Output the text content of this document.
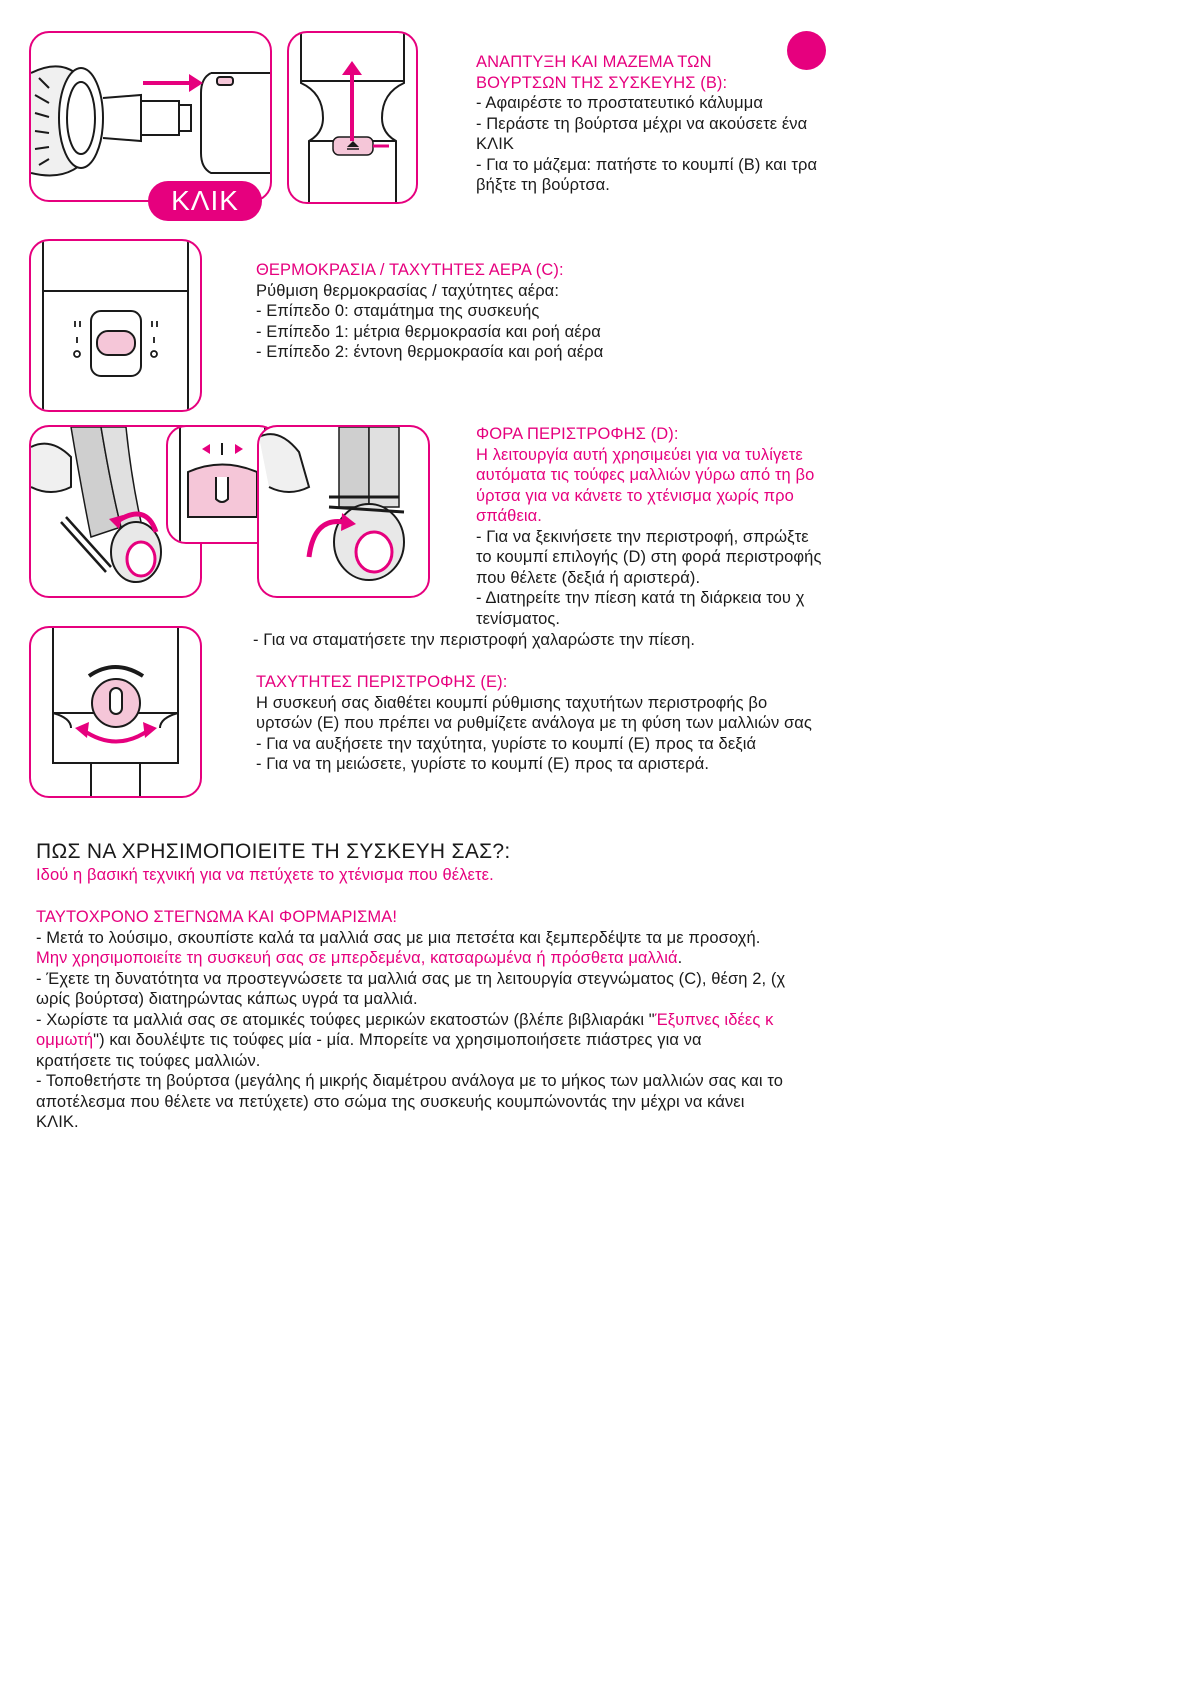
ΚΛΙΚ
ΑΝΑΠΤΥΞΗ ΚΑΙ ΜΑΖΕΜΑ ΤΩΝ
ΒΟΥΡΤΣΩΝ ΤΗΣ ΣΥΣΚΕΥΗΣ (B):
- Αφαιρέστε το προστατευτικό κάλυμμα
- Περάστε τη βούρτσα μέχρι να ακούσετε ένα
ΚΛΙΚ
- Για το μάζεμα: πατήστε το κουμπί (B) και τρα
βήξτε τη βούρτσα.
ΘΕΡΜΟΚΡΑΣΙΑ / ΤΑΧΥΤΗΤΕΣ ΑΕΡΑ (C):
Ρύθμιση θερμοκρασίας / ταχύτητες αέρα:
- Επίπεδο 0: σταμάτημα της συσκευής
- Επίπεδο 1: μέτρια θερμοκρασία και ροή αέρα
- Επίπεδο 2: έντονη θερμοκρασία και ροή αέρα
ΦΟΡΑ ΠΕΡΙΣΤΡΟΦΗΣ (D):
Η λειτουργία αυτή χρησιμεύει για να τυλίγετε
αυτόματα τις τούφες μαλλιών γύρω από τη βο
ύρτσα για να κάνετε το χτένισμα χωρίς προ
σπάθεια.
- Για να ξεκινήσετε την περιστροφή, σπρώξτε
το κουμπί επιλογής (D) στη φορά περιστροφής
που θέλετε (δεξιά ή αριστερά).
- Διατηρείτε την πίεση κατά τη διάρκεια του χ
τενίσματος.
- Για να σταματήσετε την περιστροφή χαλαρώστε την πίεση.
ΤΑΧΥΤΗΤΕΣ ΠΕΡΙΣΤΡΟΦΗΣ (E):
Η συσκευή σας διαθέτει κουμπί ρύθμισης ταχυτήτων περιστροφής βο
υρτσών (E) που πρέπει να ρυθμίζετε ανάλογα με τη φύση των μαλλιών σας
- Για να αυξήσετε την ταχύτητα, γυρίστε το κουμπί (E) προς τα δεξιά
- Για να τη μειώσετε, γυρίστε το κουμπί (E) προς τα αριστερά.
ΠΩΣ ΝΑ ΧΡΗΣΙΜΟΠΟΙΕΙΤΕ ΤΗ ΣΥΣΚΕΥΗ ΣΑΣ?:
Ιδού η βασική τεχνική για να πετύχετε το χτένισμα που θέλετε.
ΤΑΥΤΟΧΡΟΝΟ ΣΤΕΓΝΩΜΑ ΚΑΙ ΦΟΡΜΑΡΙΣΜΑ!
- Μετά το λούσιμο, σκουπίστε καλά τα μαλλιά σας με μια πετσέτα και ξεμπερδέψτε τα με προσοχή.
Μην χρησιμοποιείτε τη συσκευή σας σε μπερδεμένα, κατσαρωμένα ή πρόσθετα μαλλιά.
- Έχετε τη δυνατότητα να προστεγνώσετε τα μαλλιά σας με τη λειτουργία στεγνώματος (C), θέση 2, (χ
ωρίς βούρτσα) διατηρώντας κάπως υγρά τα μαλλιά.
- Χωρίστε τα μαλλιά σας σε ατομικές τούφες μερικών εκατοστών (βλέπε βιβλιαράκι "Έξυπνες ιδέες κ
ομμωτή") και δουλέψτε τις τούφες μία - μία. Μπορείτε να χρησιμοποιήσετε πιάστρες για να
κρατήσετε τις τούφες μαλλιών.
- Τοποθετήστε τη βούρτσα (μεγάλης ή μικρής διαμέτρου ανάλογα με το μήκος των μαλλιών σας και το
αποτέλεσμα που θέλετε να πετύχετε) στο σώμα της συσκευής κουμπώνοντάς την μέχρι να κάνει
ΚΛΙΚ.
